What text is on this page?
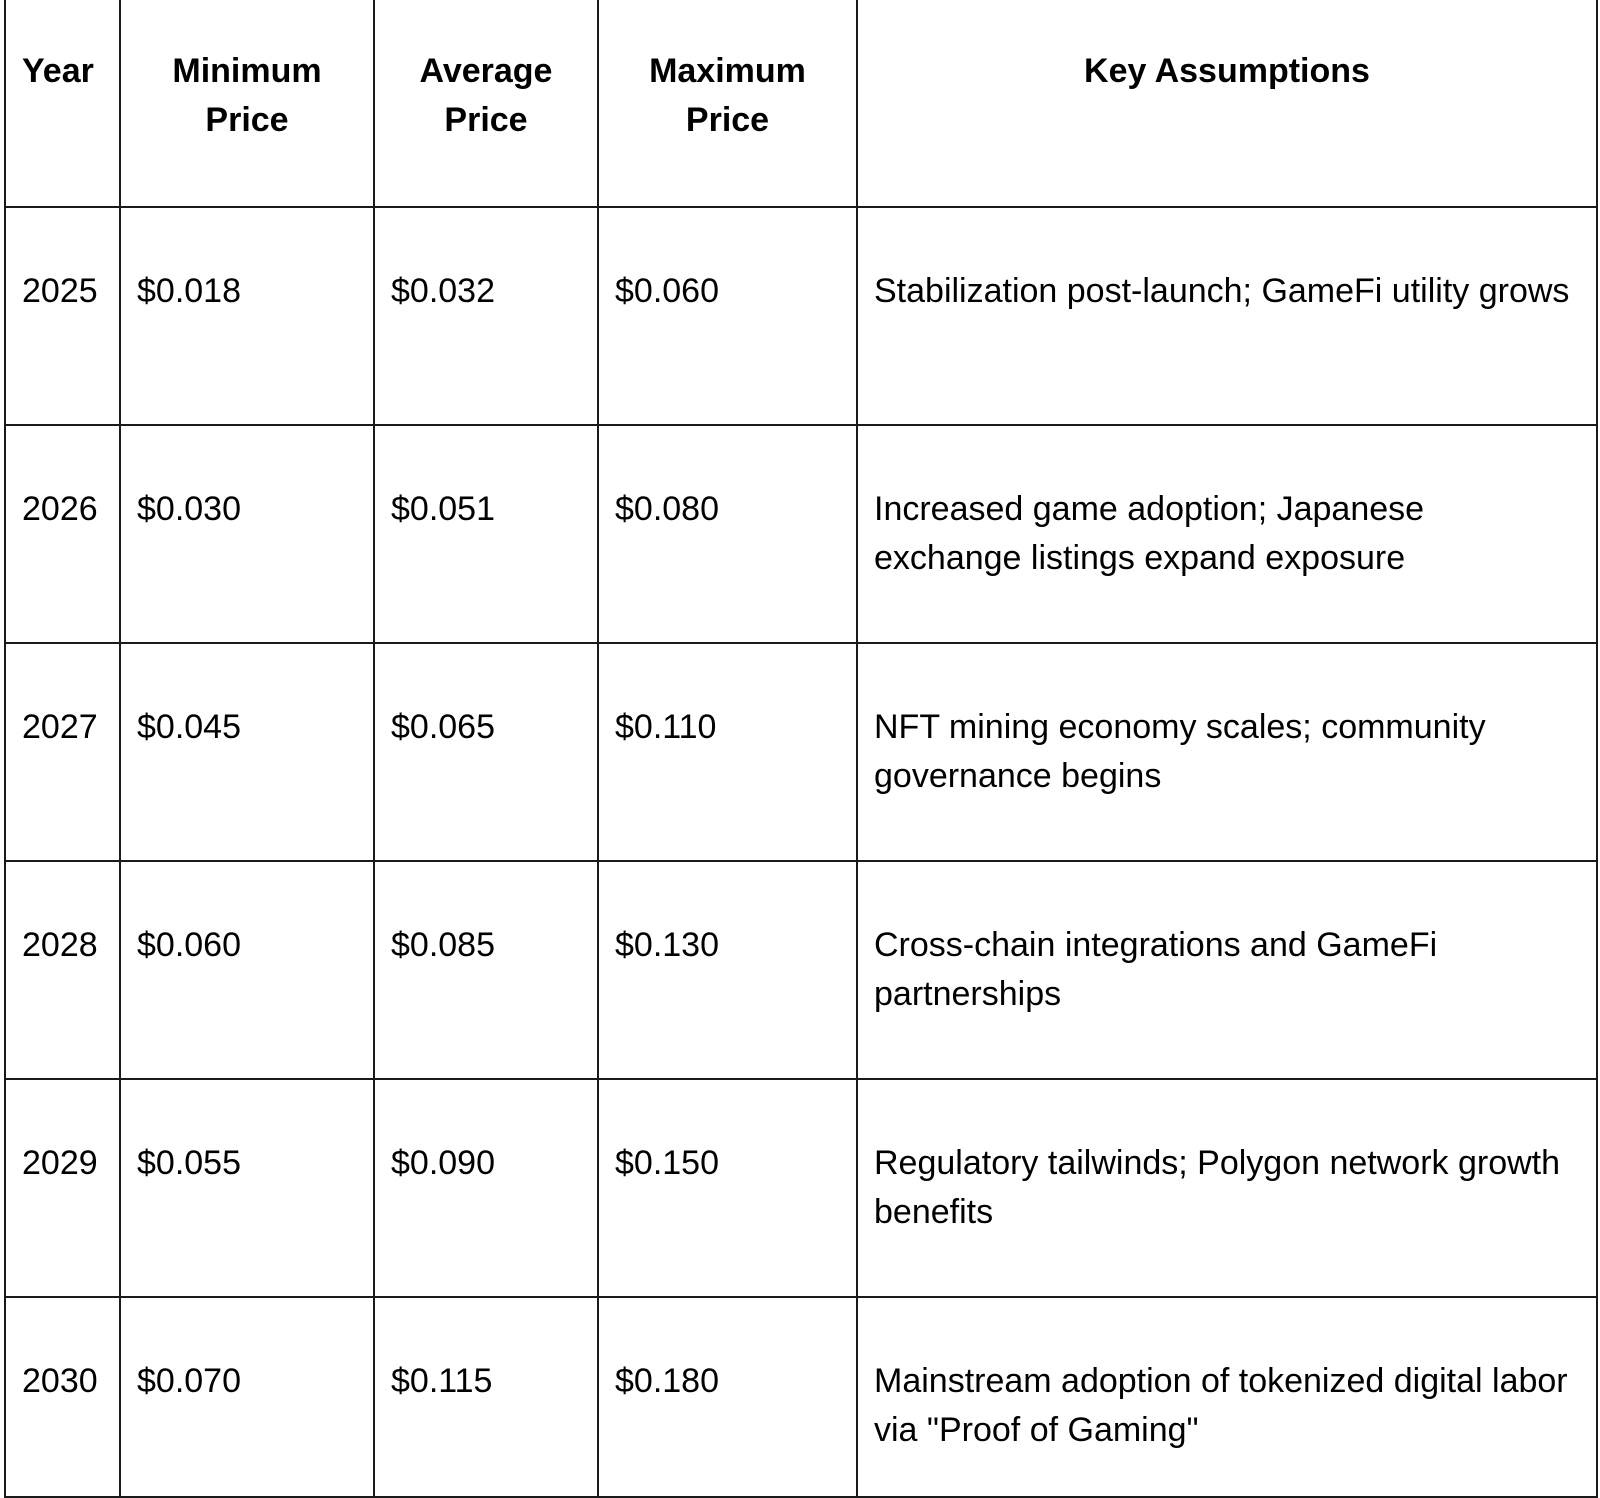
Year	Minimum Price	Average Price	Maximum Price	Key Assumptions
2025	$0.018	$0.032	$0.060	Stabilization post-launch; GameFi utility grows
2026	$0.030	$0.051	$0.080	Increased game adoption; Japanese exchange listings expand exposure
2027	$0.045	$0.065	$0.110	NFT mining economy scales; community governance begins
2028	$0.060	$0.085	$0.130	Cross-chain integrations and GameFi partnerships
2029	$0.055	$0.090	$0.150	Regulatory tailwinds; Polygon network growth benefits
2030	$0.070	$0.115	$0.180	Mainstream adoption of tokenized digital labor via "Proof of Gaming"
